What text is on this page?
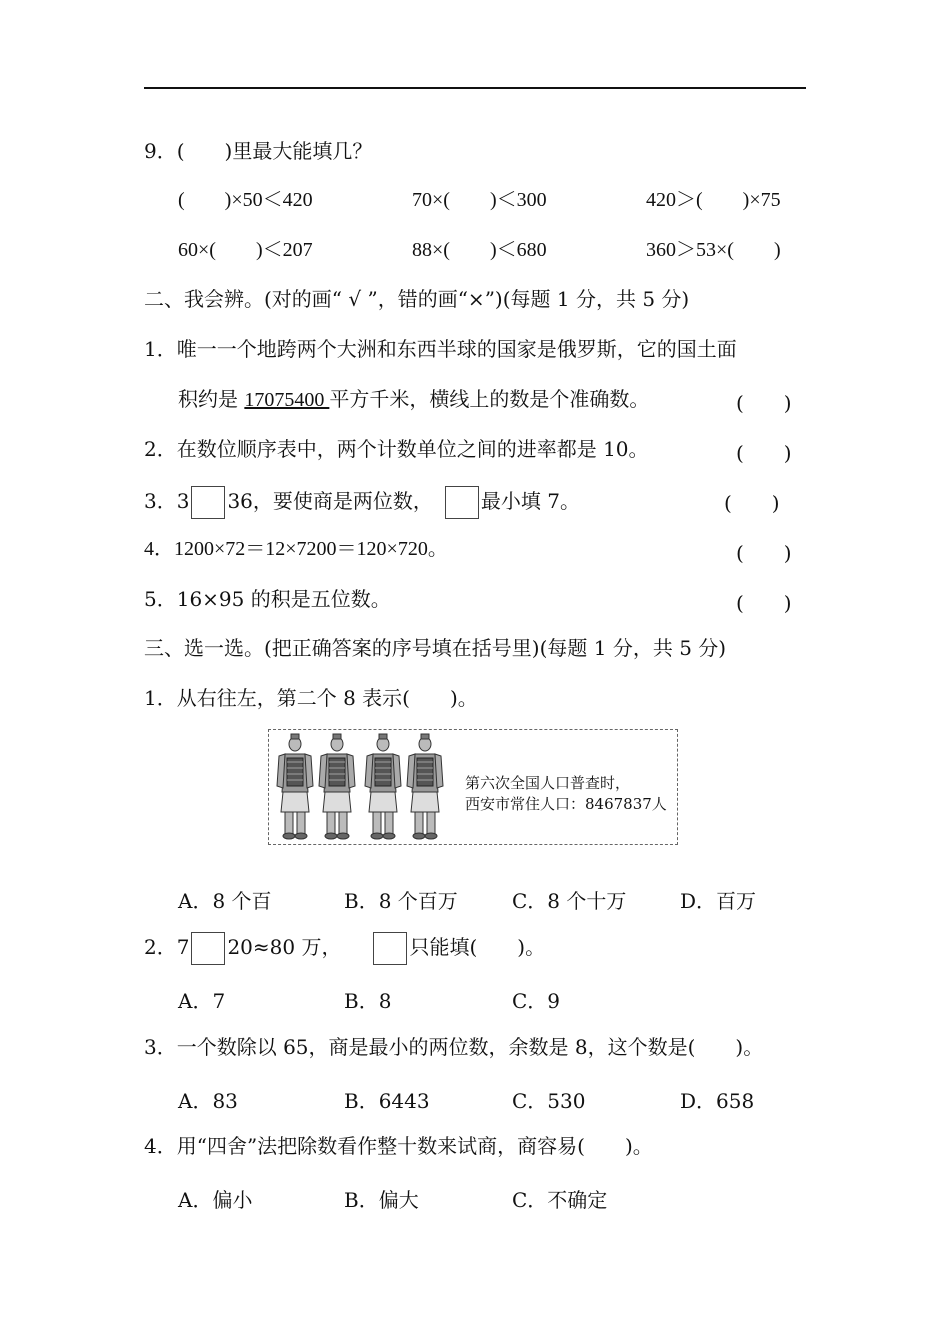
9．(　　)里最大能填几？
(　　)×50＜420	70×(　　)＜300	420＞(　　)×75
60×(　　)＜207	88×(　　)＜680	360＞53×(　　)
二、我会辨。(对的画“ √ ”，错的画“×”)(每题 1 分，共 5 分)
1．唯一一个地跨两个大洲和东西半球的国家是俄罗斯，它的国土面
积约是 17075400 平方千米，横线上的数是个准确数。	(　　)
2．在数位顺序表中，两个计数单位之间的进率都是 10。	(　　)
3．3 36，要使商是两位数，　	最小填 7。	(　　)
4．1200×72＝12×7200＝120×720。	(　　)
5．16×95 的积是五位数。	(　　)
三、选一选。(把正确答案的序号填在括号里)(每题 1 分，共 5 分)
1．从右往左，第二个 8 表示(　　)。
第六次全国人口普查时，
西安市常住人口：8467837人
A．8 个百	B．8 个百万	C．8 个十万	D．百万
2．7 20≈80 万，　　	只能填(　　)。
A．7	B．8	C．9
3．一个数除以 65，商是最小的两位数，余数是 8，这个数是(　　)。
A．83	B．6443	C．530	D．658
4．用“四舍”法把除数看作整十数来试商，商容易(　　)。
A．偏小	B．偏大	C．不确定
